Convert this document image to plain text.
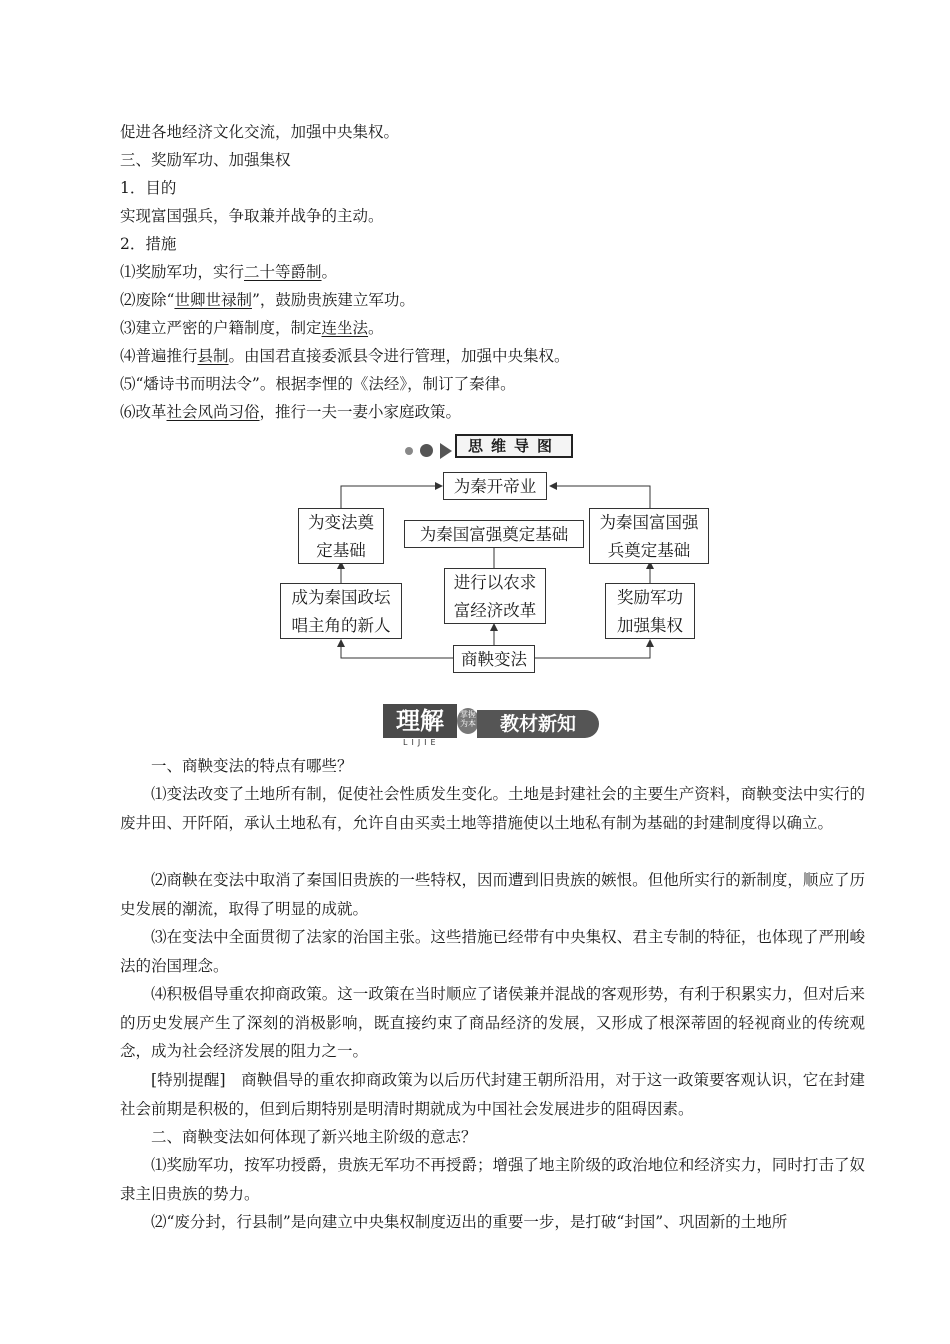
促进各地经济文化交流，加强中央集权。
三、奖励军功、加强集权
1．目的
实现富国强兵，争取兼并战争的主动。
2．措施
⑴奖励军功，实行二十等爵制。
⑵废除“世卿世禄制”，鼓励贵族建立军功。
⑶建立严密的户籍制度，制定连坐法。
⑷普遍推行县制。由国君直接委派县令进行管理，加强中央集权。
⑸“燔诗书而明法令”。根据李悝的《法经》，制订了秦律。
⑹改革社会风尚习俗，推行一夫一妻小家庭政策。

思维导图
为秦开帝业
为变法奠定基础
为秦国富强奠定基础
为秦国富国强兵奠定基础
成为秦国政坛唱主角的新人
进行以农求富经济改革
奖励军功加强集权
商鞅变法
理解
LIJIE
掌握为本	教材新知
一、商鞅变法的特点有哪些？
⑴变法改变了土地所有制，促使社会性质发生变化。土地是封建社会的主要生产资料，商鞅变法中实行的废井田、开阡陌，承认土地私有，允许自由买卖土地等措施使以土地私有制为基础的封建制度得以确立。
⑵商鞅在变法中取消了秦国旧贵族的一些特权，因而遭到旧贵族的嫉恨。但他所实行的新制度，顺应了历史发展的潮流，取得了明显的成就。
⑶在变法中全面贯彻了法家的治国主张。这些措施已经带有中央集权、君主专制的特征，也体现了严刑峻法的治国理念。
⑷积极倡导重农抑商政策。这一政策在当时顺应了诸侯兼并混战的客观形势，有利于积累实力，但对后来的历史发展产生了深刻的消极影响，既直接约束了商品经济的发展，又形成了根深蒂固的轻视商业的传统观念，成为社会经济发展的阻力之一。
[特别提醒]　商鞅倡导的重农抑商政策为以后历代封建王朝所沿用，对于这一政策要客观认识，它在封建社会前期是积极的，但到后期特别是明清时期就成为中国社会发展进步的阻碍因素。
二、商鞅变法如何体现了新兴地主阶级的意志？
⑴奖励军功，按军功授爵，贵族无军功不再授爵；增强了地主阶级的政治地位和经济实力，同时打击了奴隶主旧贵族的势力。
⑵“废分封，行县制”是向建立中央集权制度迈出的重要一步，是打破“封国”、巩固新的土地所
